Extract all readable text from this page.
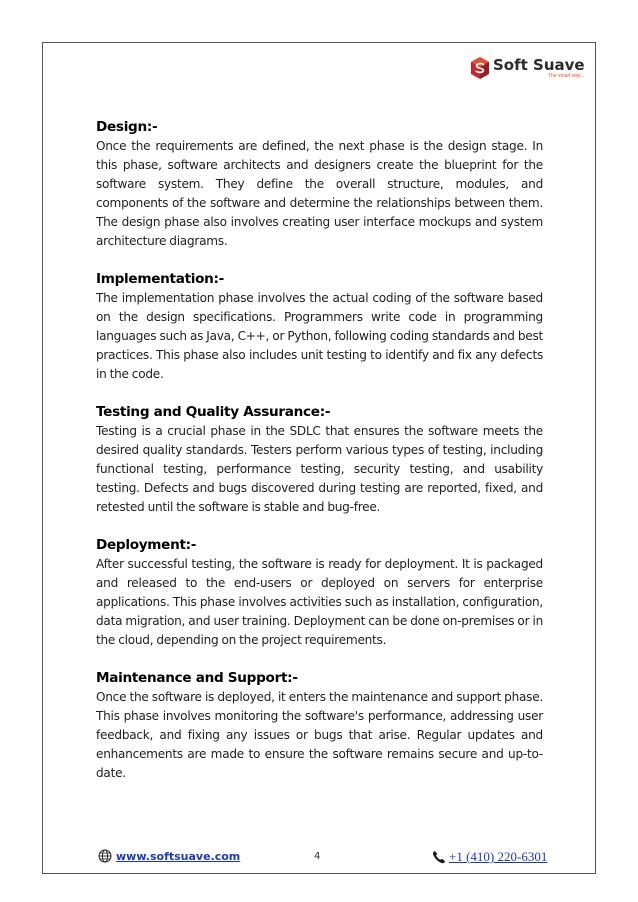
Soft Suave
The smart way...
Design:-

Once the requirements are defined, the next phase is the design stage. In this phase, software architects and designers create the blueprint for the software system. They define the overall structure, modules, and components of the software and determine the relationships between them. The design phase also involves creating user interface mockups and system architecture diagrams.

Implementation:-

The implementation phase involves the actual coding of the software based on the design specifications. Programmers write code in programming languages such as Java, C++, or Python, following coding standards and best practices. This phase also includes unit testing to identify and fix any defects in the code.

Testing and Quality Assurance:-

Testing is a crucial phase in the SDLC that ensures the software meets the desired quality standards. Testers perform various types of testing, including functional testing, performance testing, security testing, and usability testing. Defects and bugs discovered during testing are reported, fixed, and retested until the software is stable and bug-free.

Deployment:-

After successful testing, the software is ready for deployment. It is packaged and released to the end-users or deployed on servers for enterprise applications. This phase involves activities such as installation, configuration, data migration, and user training. Deployment can be done on-premises or in the cloud, depending on the project requirements.

Maintenance and Support:-

Once the software is deployed, it enters the maintenance and support phase. This phase involves monitoring the software's performance, addressing user feedback, and fixing any issues or bugs that arise. Regular updates and enhancements are made to ensure the software remains secure and up-to-date.

www.softsuave.com	4	+1 (410) 220-6301
